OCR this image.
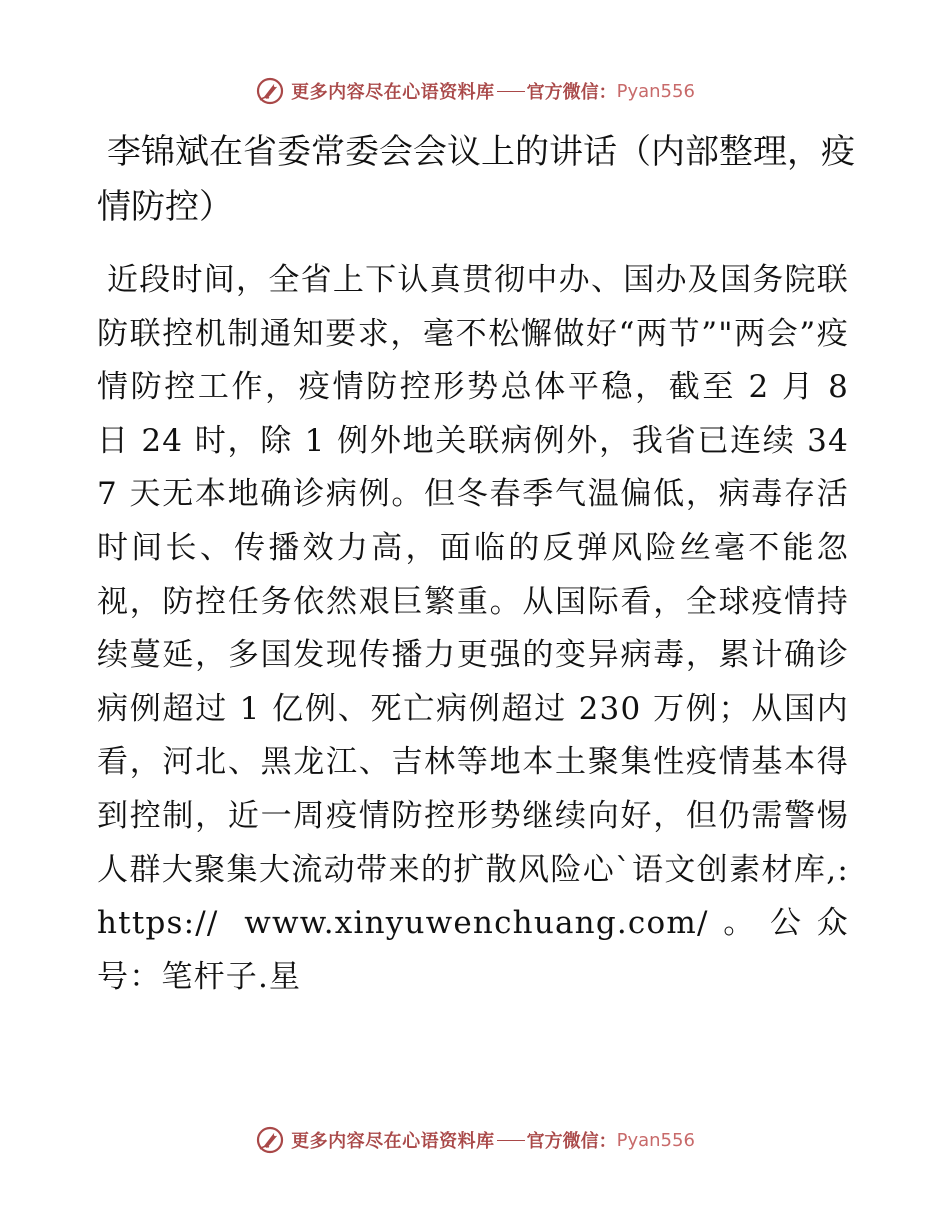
更多内容尽在心语资料库 官方微信： Pyan556
李锦斌在省委常委会会议上的讲话（内部整理，疫情防控）

近段时间，全省上下认真贯彻中办、国办及国务院联防联控机制通知要求，毫不松懈做好“两节”"两会”疫情防控工作，疫情防控形势总体平稳，截至 2 月 8 日 24 时，除 1 例外地关联病例外，我省已连续 347 天无本地确诊病例。但冬春季气温偏低，病毒存活时间长、传播效力高，面临的反弹风险丝毫不能忽视，防控任务依然艰巨繁重。从国际看，全球疫情持续蔓延，多国发现传播力更强的变异病毒，累计确诊病例超过 1 亿例、死亡病例超过 230 万例；从国内看，河北、黑龙江、吉林等地本土聚集性疫情基本得到控制，近一周疫情防控形势继续向好，但仍需警惕人群大聚集大流动带来的扩散风险心`语文创素材库,: https:// www.xinyuwenchuang.com/。公众号：笔杆子.星

更多内容尽在心语资料库 官方微信： Pyan556
